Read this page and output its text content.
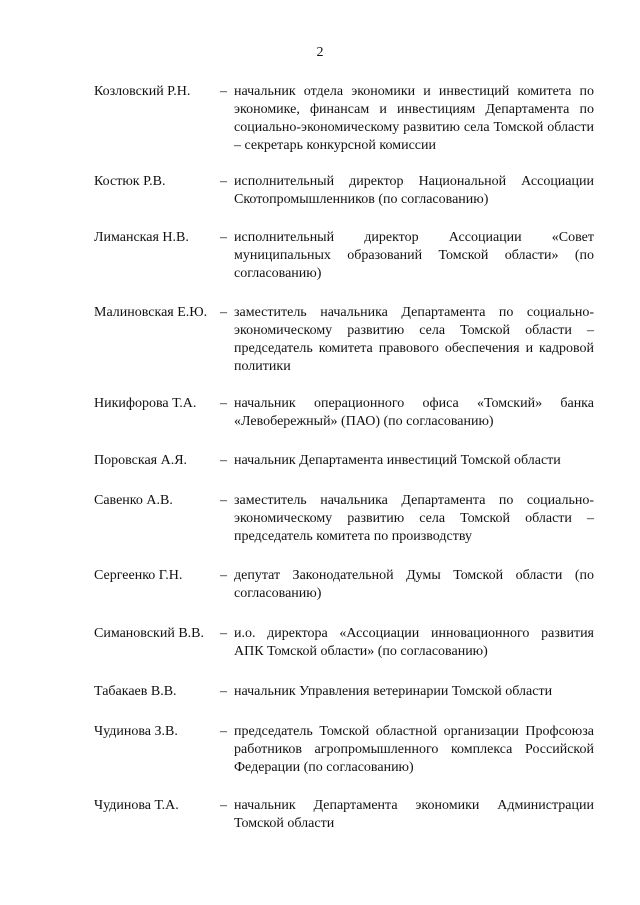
2
Козловский Р.Н. – начальник отдела экономики и инвестиций комитета по экономике, финансам и инвестициям Департамента по социально-экономическому развитию села Томской области – секретарь конкурсной комиссии
Костюк Р.В.	– исполнительный директор Национальной Ассоциации Скотопромышленников (по согласованию)
Лиманская Н.В. – исполнительный директор Ассоциации «Совет муниципальных образований Томской области» (по согласованию)
Малиновская Е.Ю. – заместитель начальника Департамента по социально-экономическому развитию села Томской области – председатель комитета правового обеспечения и кадровой политики
Никифорова Т.А. – начальник операционного офиса «Томский» банка «Левобережный» (ПАО) (по согласованию)
Поровская А.Я. – начальник Департамента инвестиций Томской области
Савенко А.В.	– заместитель начальника Департамента по социально-экономическому развитию села Томской области – председатель комитета по производству
Сергеенко Г.Н.	– депутат Законодательной Думы Томской области (по согласованию)
Симановский В.В. – и.о. директора «Ассоциации инновационного развития АПК Томской области» (по согласованию)
Табакаев В.В.	– начальник Управления ветеринарии Томской области
Чудинова З.В.	– председатель Томской областной организации Профсоюза работников агропромышленного комплекса Российской Федерации (по согласованию)
Чудинова Т.А.	– начальник Департамента экономики Администрации Томской области
